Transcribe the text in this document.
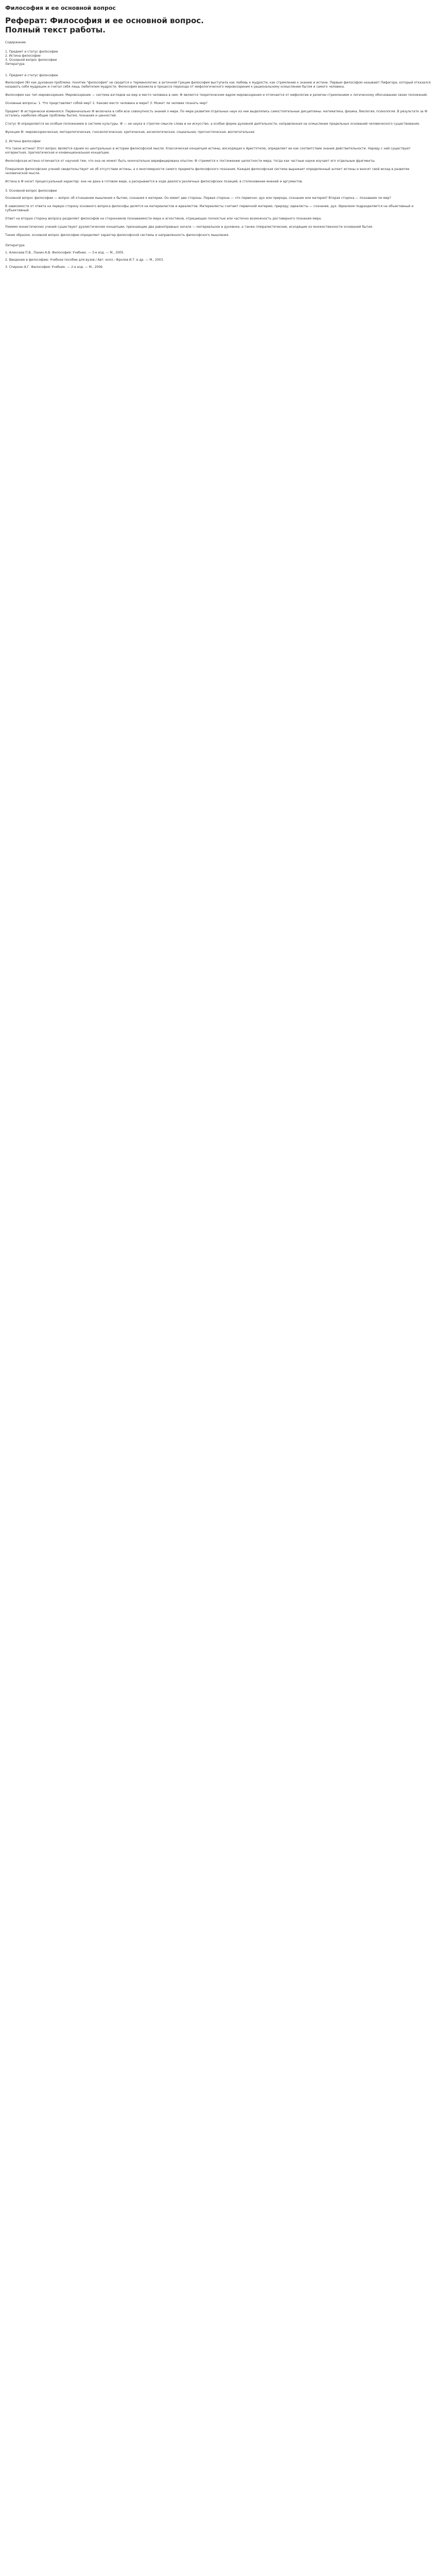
Философия и ее основной вопрос
Реферат: Философия и ее основной вопрос. Полный текст работы.
Содержание
1. Предмет и статус философии
2. Истина философии
3. Основной вопрос философии
Литература
1. Предмет и статус философии

Философия (Ф) как духовная проблема: понятие "философия" не сводится к терминологии; в античной Греции философия выступала как любовь к мудрости, как стремление к знанию и истине. Первым философом называют Пифагора, который отказался называть себя мудрецом и считал себя лишь любителем мудрости. Философия возникла в процессе перехода от мифологического мировоззрения к рациональному осмыслению бытия и самого человека.

Философия как тип мировоззрения. Мировоззрение — система взглядов на мир и место человека в нем. Ф является теоретическим ядром мировоззрения и отличается от мифологии и религии стремлением к логическому обоснованию своих положений.

Основные вопросы: 1. Что представляет собой мир? 2. Каково место человека в мире? 3. Может ли человек познать мир?

Предмет Ф исторически изменялся. Первоначально Ф включала в себя всю совокупность знаний о мире. По мере развития отдельных наук из нее выделялись самостоятельные дисциплины: математика, физика, биология, психология. В результате за Ф остались наиболее общие проблемы бытия, познания и ценностей.

Статус Ф определяется ее особым положением в системе культуры. Ф — не наука в строгом смысле слова и не искусство, а особая форма духовной деятельности, направленная на осмысление предельных оснований человеческого существования.

Функции Ф: мировоззренческая, методологическая, гносеологическая, критическая, аксиологическая, социальная, прогностическая, воспитательная.

2. Истина философии

Что такое истина? Этот вопрос является одним из центральных в истории философской мысли. Классическая концепция истины, восходящая к Аристотелю, определяет ее как соответствие знания действительности. Наряду с ней существуют когерентная, прагматическая и конвенциональная концепции.

Философская истина отличается от научной тем, что она не может быть окончательно верифицирована опытом. Ф стремится к постижению целостности мира, тогда как частные науки изучают его отдельные фрагменты.

Плюрализм философских учений свидетельствует не об отсутствии истины, а о многомерности самого предмета философского познания. Каждая философская система выражает определенный аспект истины и вносит свой вклад в развитие человеческой мысли.

Истина в Ф носит процессуальный характер: она не дана в готовом виде, а раскрывается в ходе диалога различных философских позиций, в столкновении мнений и аргументов.

3. Основной вопрос философии

Основной вопрос философии — вопрос об отношении мышления к бытию, сознания к материи. Он имеет две стороны. Первая сторона — что первично: дух или природа, сознание или материя? Вторая сторона — познаваем ли мир?

В зависимости от ответа на первую сторону основного вопроса философы делятся на материалистов и идеалистов. Материалисты считают первичной материю, природу; идеалисты — сознание, дух. Идеализм подразделяется на объективный и субъективный.

Ответ на вторую сторону вопроса разделяет философов на сторонников познаваемости мира и агностиков, отрицающих полностью или частично возможность достоверного познания мира.

Помимо монистических учений существуют дуалистические концепции, признающие два равноправных начала — материальное и духовное, а также плюралистические, исходящие из множественности оснований бытия.

Таким образом, основной вопрос философии определяет характер философской системы и направленность философского мышления.

Литература
1. Алексеев П.В., Панин А.В. Философия: Учебник. — 3-е изд. — М., 2005.
2. Введение в философию: Учебное пособие для вузов / Авт. колл.: Фролов И.Т. и др. — М., 2003.
3. Спиркин А.Г. Философия: Учебник. — 2-е изд. — М., 2006.
